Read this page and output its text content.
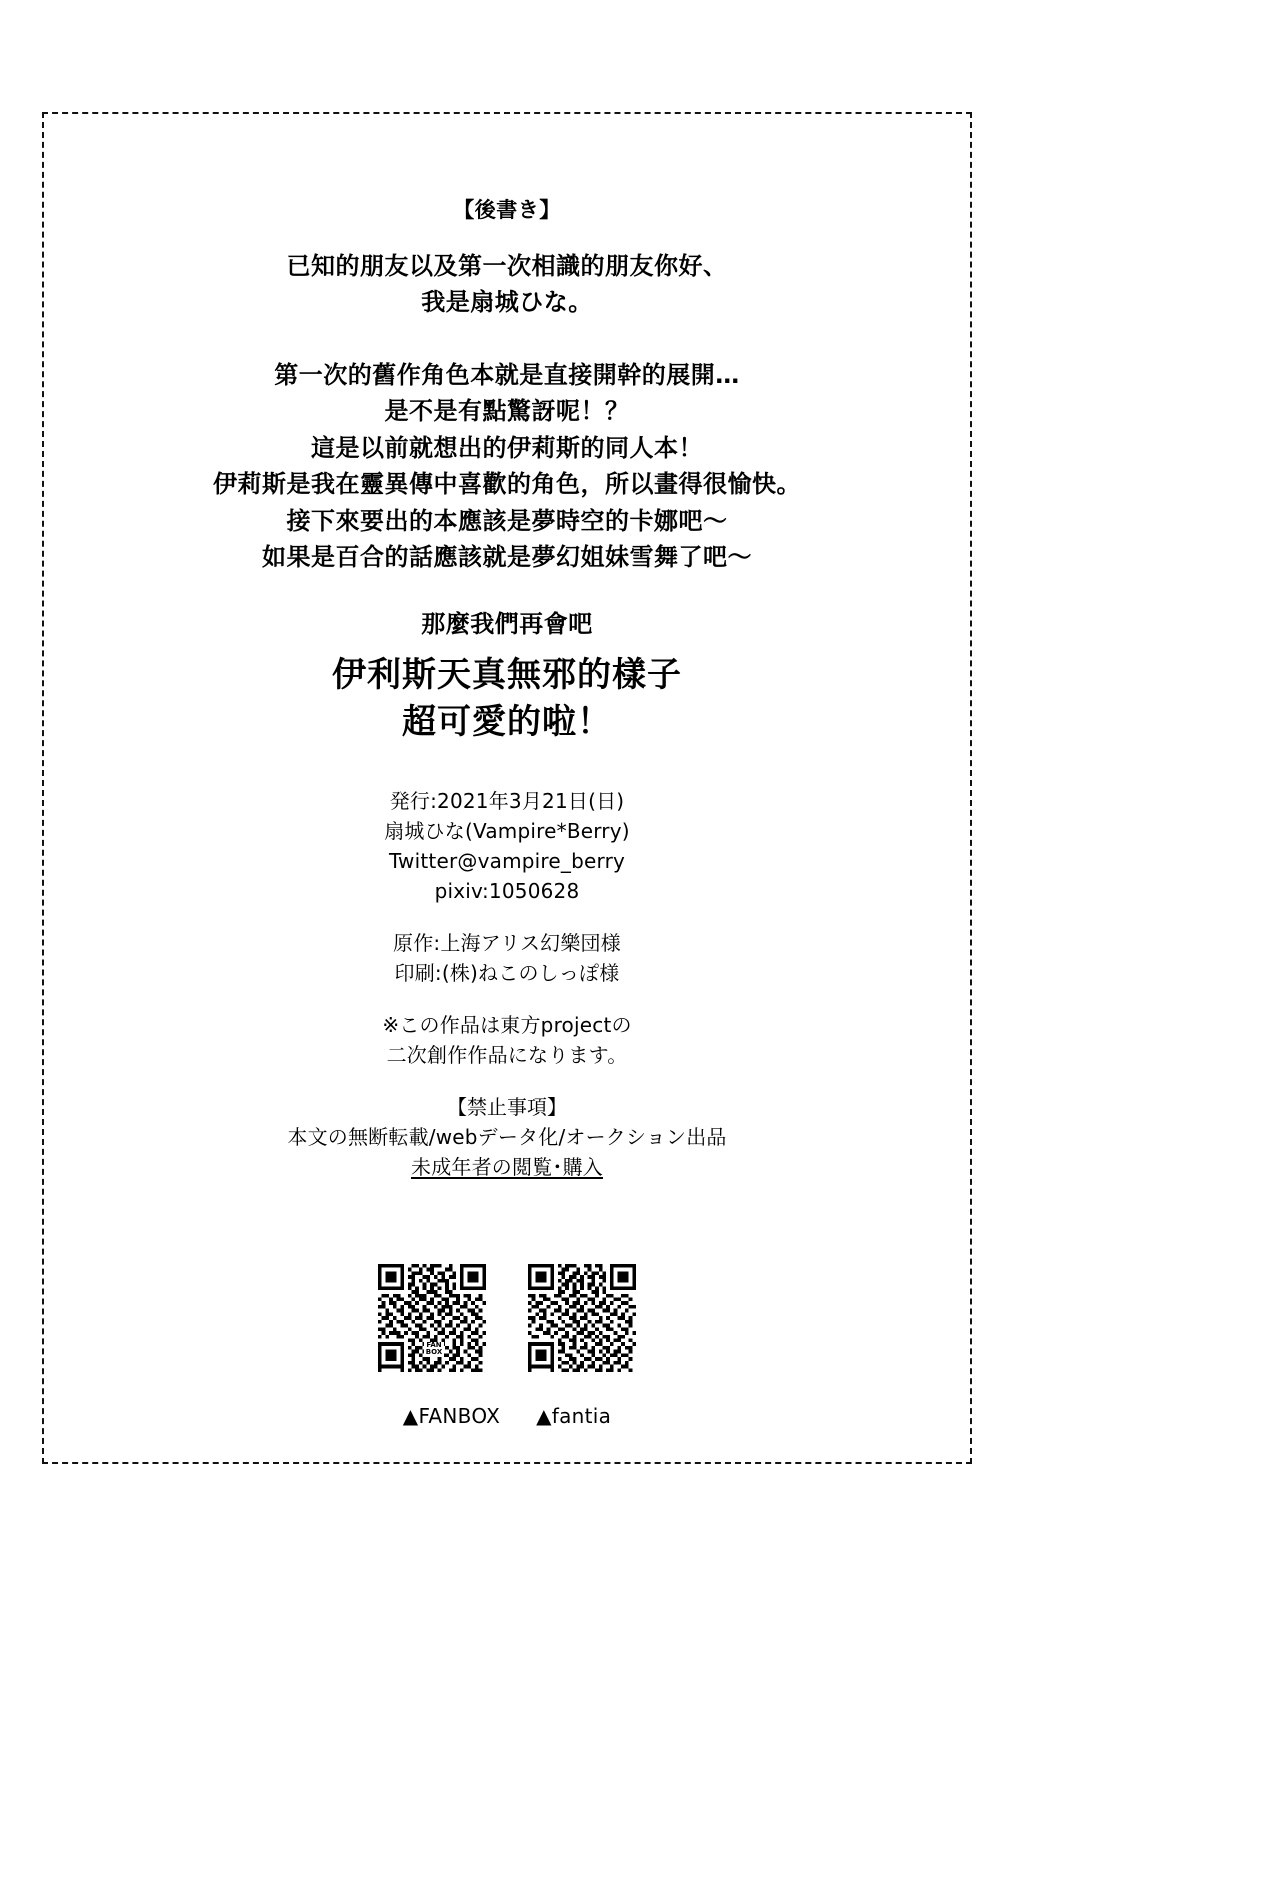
【後書き】
已知的朋友以及第一次相識的朋友你好、
我是扇城ひな。
第一次的舊作角色本就是直接開幹的展開…
是不是有點驚訝呢！？
這是以前就想出的伊莉斯的同人本！
伊莉斯是我在靈異傳中喜歡的角色，所以畫得很愉快。
接下來要出的本應該是夢時空的卡娜吧～
如果是百合的話應該就是夢幻姐妹雪舞了吧～
那麼我們再會吧
伊利斯天真無邪的樣子
超可愛的啦！
発行:2021年3月21日(日)
扇城ひな(Vampire*Berry)
Twitter@vampire_berry
pixiv:1050628
原作:上海アリス幻樂団様
印刷:(株)ねこのしっぽ様
※この作品は東方projectの
二次創作作品になります。
【禁止事項】
本文の無断転載/webデータ化/オークション出品
未成年者の閲覧･購入
FAN
BOX
▲FANBOX ▲fantia
